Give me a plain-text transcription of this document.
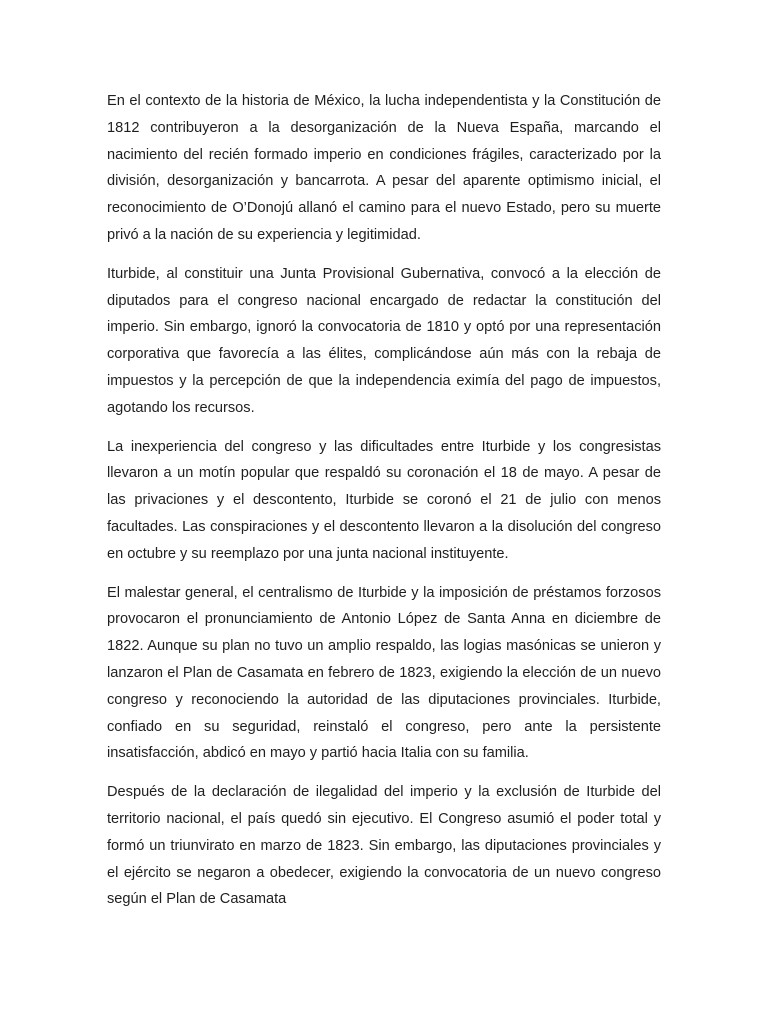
En el contexto de la historia de México, la lucha independentista y la Constitución de 1812 contribuyeron a la desorganización de la Nueva España, marcando el nacimiento del recién formado imperio en condiciones frágiles, caracterizado por la división, desorganización y bancarrota. A pesar del aparente optimismo inicial, el reconocimiento de O’Donojú allanó el camino para el nuevo Estado, pero su muerte privó a la nación de su experiencia y legitimidad.

Iturbide, al constituir una Junta Provisional Gubernativa, convocó a la elección de diputados para el congreso nacional encargado de redactar la constitución del imperio. Sin embargo, ignoró la convocatoria de 1810 y optó por una representación corporativa que favorecía a las élites, complicándose aún más con la rebaja de impuestos y la percepción de que la independencia eximía del pago de impuestos, agotando los recursos.

La inexperiencia del congreso y las dificultades entre Iturbide y los congresistas llevaron a un motín popular que respaldó su coronación el 18 de mayo. A pesar de las privaciones y el descontento, Iturbide se coronó el 21 de julio con menos facultades. Las conspiraciones y el descontento llevaron a la disolución del congreso en octubre y su reemplazo por una junta nacional instituyente.

El malestar general, el centralismo de Iturbide y la imposición de préstamos forzosos provocaron el pronunciamiento de Antonio López de Santa Anna en diciembre de 1822. Aunque su plan no tuvo un amplio respaldo, las logias masónicas se unieron y lanzaron el Plan de Casamata en febrero de 1823, exigiendo la elección de un nuevo congreso y reconociendo la autoridad de las diputaciones provinciales. Iturbide, confiado en su seguridad, reinstaló el congreso, pero ante la persistente insatisfacción, abdicó en mayo y partió hacia Italia con su familia.

Después de la declaración de ilegalidad del imperio y la exclusión de Iturbide del territorio nacional, el país quedó sin ejecutivo. El Congreso asumió el poder total y formó un triunvirato en marzo de 1823. Sin embargo, las diputaciones provinciales y el ejército se negaron a obedecer, exigiendo la convocatoria de un nuevo congreso según el Plan de Casamata
